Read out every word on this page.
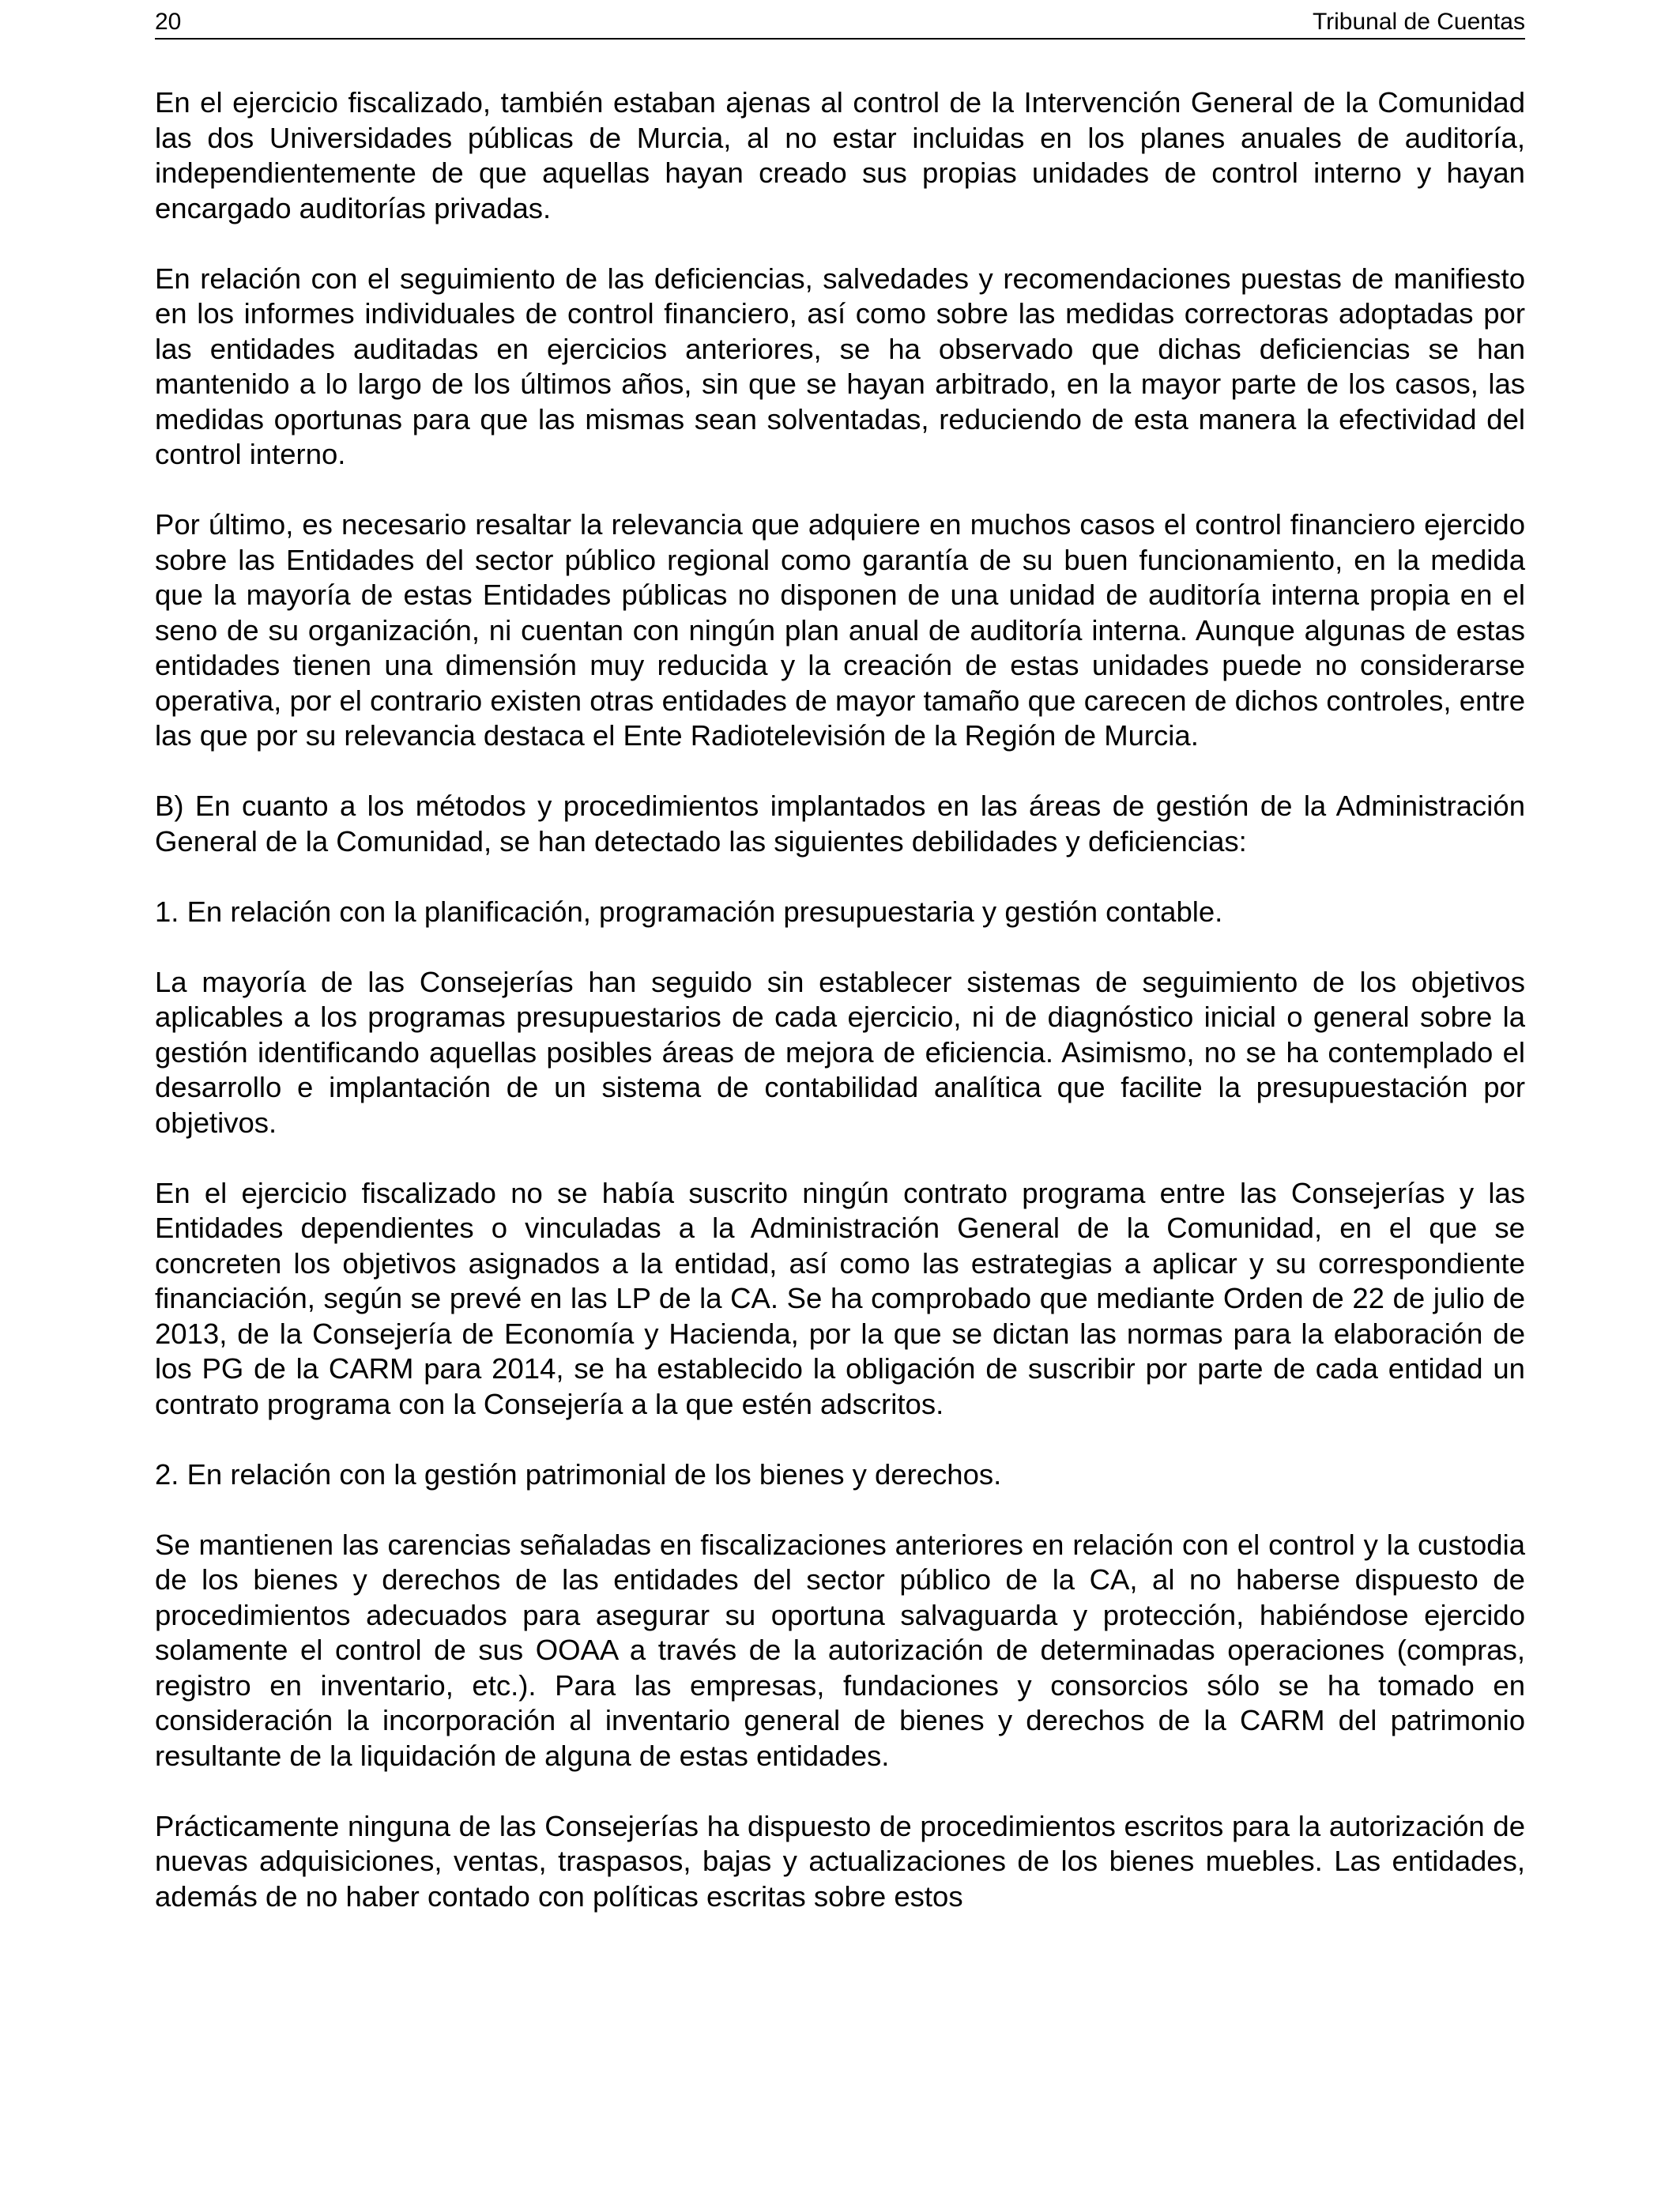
20	Tribunal de Cuentas

En el ejercicio fiscalizado, también estaban ajenas al control de la Intervención General de la Comunidad las dos Universidades públicas de Murcia, al no estar incluidas en los planes anuales de auditoría, independientemente de que aquellas hayan creado sus propias unidades de control interno y hayan encargado auditorías privadas.

En relación con el seguimiento de las deficiencias, salvedades y recomendaciones puestas de manifiesto en los informes individuales de control financiero, así como sobre las medidas correctoras adoptadas por las entidades auditadas en ejercicios anteriores, se ha observado que dichas deficiencias se han mantenido a lo largo de los últimos años, sin que se hayan arbitrado, en la mayor parte de los casos, las medidas oportunas para que las mismas sean solventadas, reduciendo de esta manera la efectividad del control interno.

Por último, es necesario resaltar la relevancia que adquiere en muchos casos el control financiero ejercido sobre las Entidades del sector público regional como garantía de su buen funcionamiento, en la medida que la mayoría de estas Entidades públicas no disponen de una unidad de auditoría interna propia en el seno de su organización, ni cuentan con ningún plan anual de auditoría interna. Aunque algunas de estas entidades tienen una dimensión muy reducida y la creación de estas unidades puede no considerarse operativa, por el contrario existen otras entidades de mayor tamaño que carecen de dichos controles, entre las que por su relevancia destaca el Ente Radiotelevisión de la Región de Murcia.

B) En cuanto a los métodos y procedimientos implantados en las áreas de gestión de la Administración General de la Comunidad, se han detectado las siguientes debilidades y deficiencias:

1. En relación con la planificación, programación presupuestaria y gestión contable.

La mayoría de las Consejerías han seguido sin establecer sistemas de seguimiento de los objetivos aplicables a los programas presupuestarios de cada ejercicio, ni de diagnóstico inicial o general sobre la gestión identificando aquellas posibles áreas de mejora de eficiencia. Asimismo, no se ha contemplado el desarrollo e implantación de un sistema de contabilidad analítica que facilite la presupuestación por objetivos.

En el ejercicio fiscalizado no se había suscrito ningún contrato programa entre las Consejerías y las Entidades dependientes o vinculadas a la Administración General de la Comunidad, en el que se concreten los objetivos asignados a la entidad, así como las estrategias a aplicar y su correspondiente financiación, según se prevé en las LP de la CA. Se ha comprobado que mediante Orden de 22 de julio de 2013, de la Consejería de Economía y Hacienda, por la que se dictan las normas para la elaboración de los PG de la CARM para 2014, se ha establecido la obligación de suscribir por parte de cada entidad un contrato programa con la Consejería a la que estén adscritos.

2. En relación con la gestión patrimonial de los bienes y derechos.

Se mantienen las carencias señaladas en fiscalizaciones anteriores en relación con el control y la custodia de los bienes y derechos de las entidades del sector público de la CA, al no haberse dispuesto de procedimientos adecuados para asegurar su oportuna salvaguarda y protección, habiéndose ejercido solamente el control de sus OOAA a través de la autorización de determinadas operaciones (compras, registro en inventario, etc.). Para las empresas, fundaciones y consorcios sólo se ha tomado en consideración la incorporación al inventario general de bienes y derechos de la CARM del patrimonio resultante de la liquidación de alguna de estas entidades.

Prácticamente ninguna de las Consejerías ha dispuesto de procedimientos escritos para la autorización de nuevas adquisiciones, ventas, traspasos, bajas y actualizaciones de los bienes muebles. Las entidades, además de no haber contado con políticas escritas sobre estos
